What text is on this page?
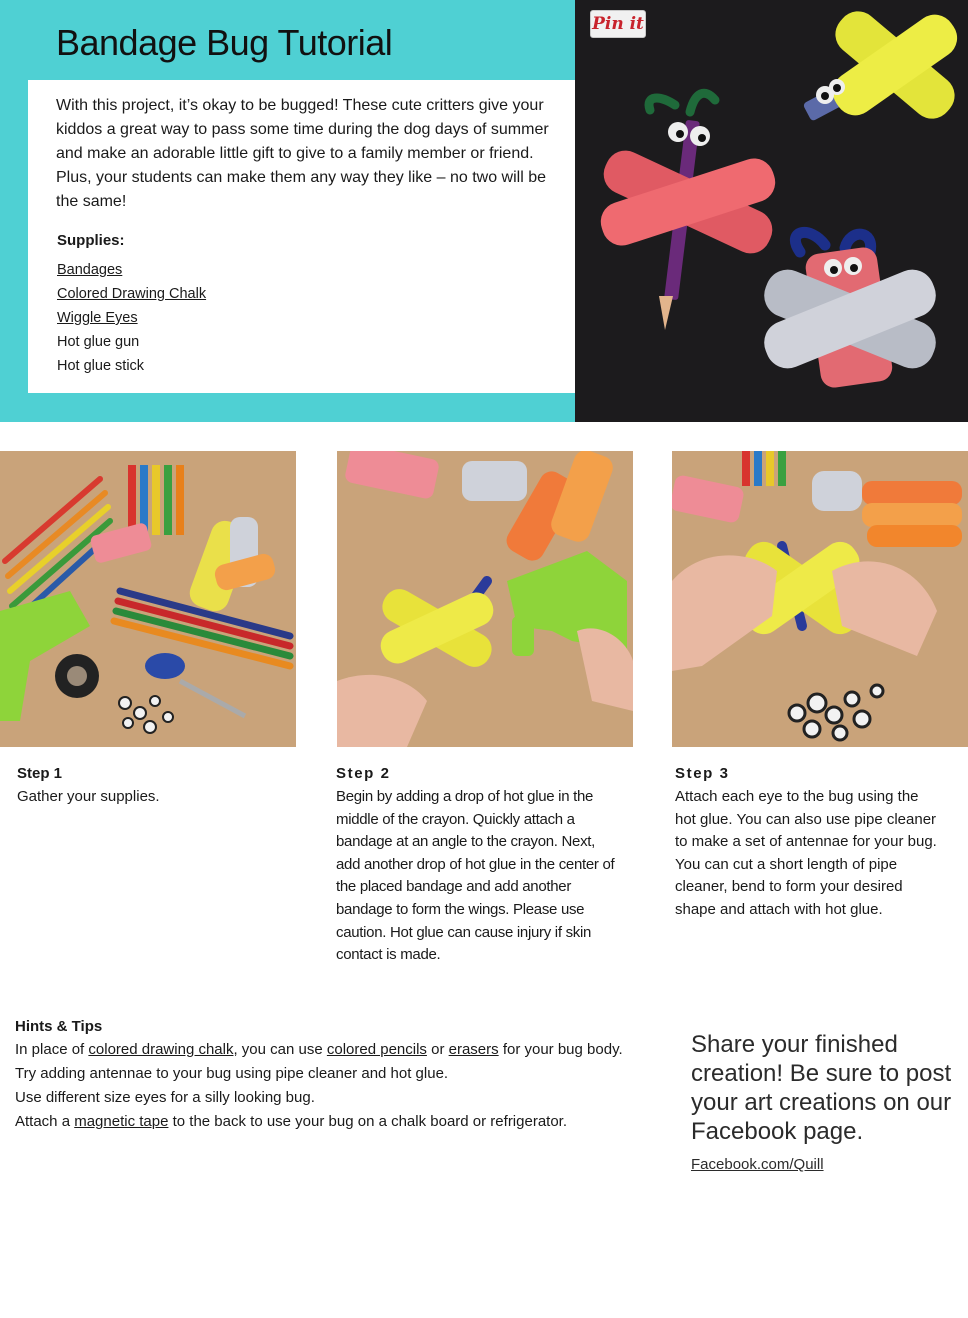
Bandage Bug Tutorial

With this project, it’s okay to be bugged! These cute critters give your kiddos a great way to pass some time during the dog days of summer and make an adorable little gift to give to a family member or friend. Plus, your students can make them any way they like – no two will be the same!

Supplies:
Bandages
Colored Drawing Chalk
Wiggle Eyes
Hot glue gun
Hot glue stick
Pin it
Step 1

Gather your supplies.

Step 2

Begin by adding a drop of hot glue in the middle of the crayon. Quickly attach a bandage at an angle to the crayon. Next, add another drop of hot glue in the center of the placed bandage and add another bandage to form the wings. Please use caution. Hot glue can cause injury if skin contact is made.

Step 3

Attach each eye to the bug using the hot glue. You can also use pipe cleaner to make a set of antennae for your bug. You can cut a short length of pipe cleaner, bend to form your desired shape and attach with hot glue.

Hints & Tips

In place of colored drawing chalk, you can use colored pencils or erasers for your bug body.

Try adding antennae to your bug using pipe cleaner and hot glue.

Use different size eyes for a silly looking bug.

Attach a magnetic tape to the back to use your bug on a chalk board or refrigerator.

Share your finished creation! Be sure to post your art creations on our Facebook page.

Facebook.com/Quill
